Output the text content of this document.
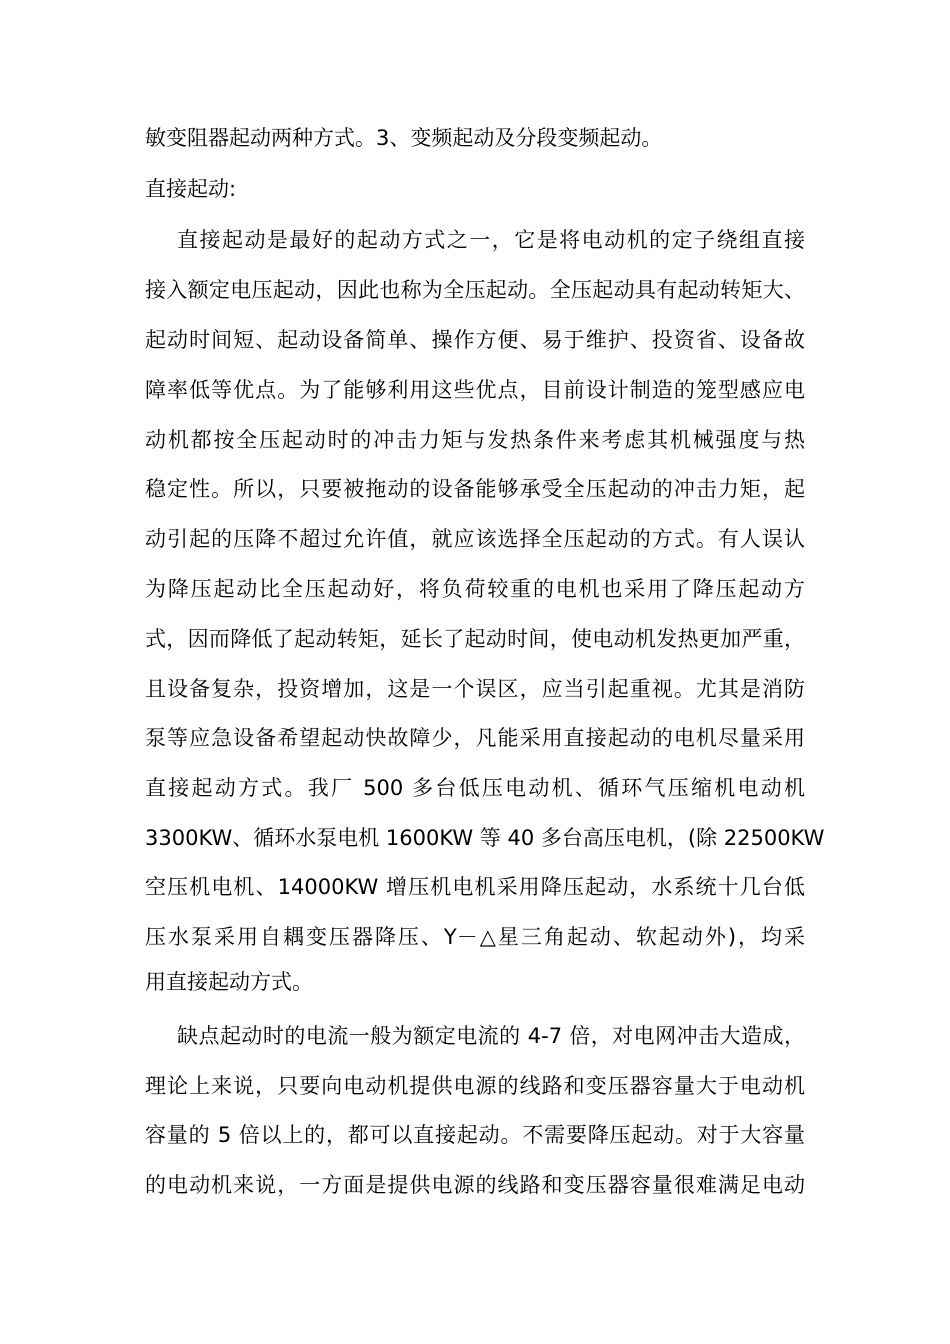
敏变阻器起动两种方式。3、变频起动及分段变频起动。
直接起动:
直接起动是最好的起动方式之一，它是将电动机的定子绕组直接
接入额定电压起动，因此也称为全压起动。全压起动具有起动转矩大、
起动时间短、起动设备简单、操作方便、易于维护、投资省、设备故
障率低等优点。为了能够利用这些优点，目前设计制造的笼型感应电
动机都按全压起动时的冲击力矩与发热条件来考虑其机械强度与热
稳定性。所以，只要被拖动的设备能够承受全压起动的冲击力矩，起
动引起的压降不超过允许值，就应该选择全压起动的方式。有人误认
为降压起动比全压起动好，将负荷较重的电机也采用了降压起动方
式，因而降低了起动转矩，延长了起动时间，使电动机发热更加严重，
且设备复杂，投资增加，这是一个误区，应当引起重视。尤其是消防
泵等应急设备希望起动快故障少，凡能采用直接起动的电机尽量采用
直接起动方式。我厂 500 多台低压电动机、循环气压缩机电动机
3300KW、循环水泵电机 1600KW 等 40 多台高压电机，(除 22500KW
空压机电机、14000KW 增压机电机采用降压起动，水系统十几台低
压水泵采用自耦变压器降压、Y－△星三角起动、软起动外)，均采
用直接起动方式。
缺点起动时的电流一般为额定电流的 4-7 倍，对电网冲击大造成，
理论上来说，只要向电动机提供电源的线路和变压器容量大于电动机
容量的 5 倍以上的，都可以直接起动。不需要降压起动。对于大容量
的电动机来说，一方面是提供电源的线路和变压器容量很难满足电动
